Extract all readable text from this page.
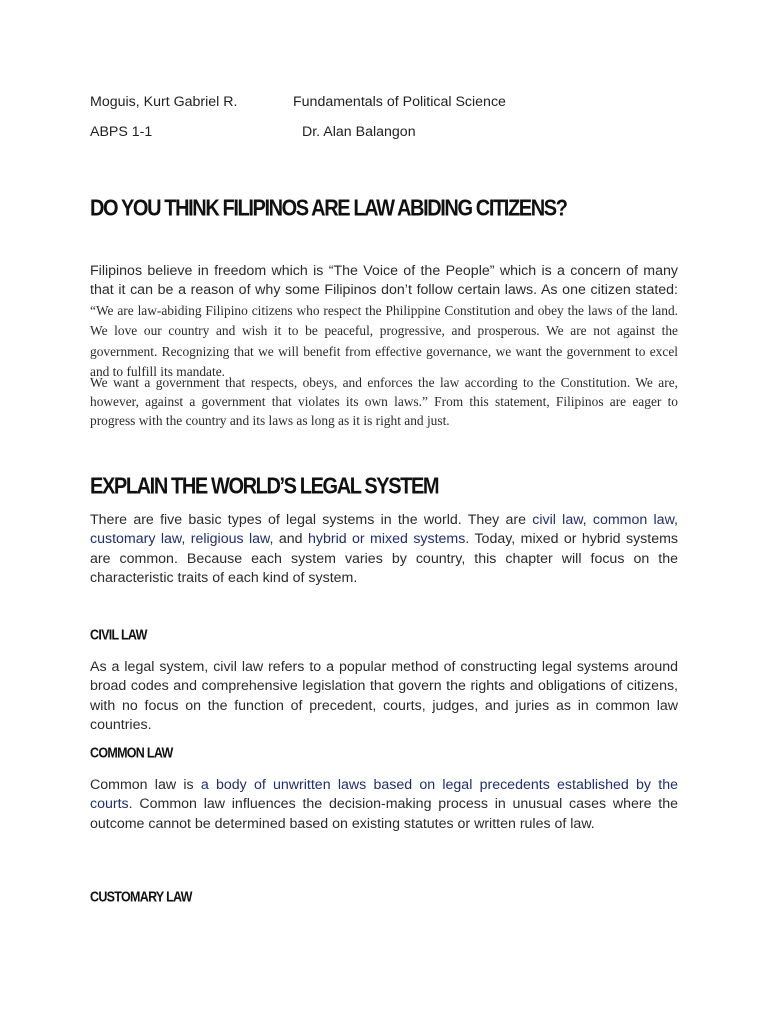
Moguis, Kurt Gabriel R.	Fundamentals of Political Science
ABPS 1-1	Dr. Alan Balangon
DO YOU THINK FILIPINOS ARE LAW ABIDING CITIZENS?

Filipinos believe in freedom which is “The Voice of the People” which is a concern of many that it can be a reason of why some Filipinos don’t follow certain laws. As one citizen stated: “We are law-abiding Filipino citizens who respect the Philippine Constitution and obey the laws of the land. We love our country and wish it to be peaceful, progressive, and prosperous. We are not against the government. Recognizing that we will benefit from effective governance, we want the government to excel and to fulfill its mandate.

We want a government that respects, obeys, and enforces the law according to the Constitution. We are, however, against a government that violates its own laws.” From this statement, Filipinos are eager to progress with the country and its laws as long as it is right and just.

EXPLAIN THE WORLD’S LEGAL SYSTEM

There are five basic types of legal systems in the world. They are civil law, common law, customary law, religious law, and hybrid or mixed systems. Today, mixed or hybrid systems are common. Because each system varies by country, this chapter will focus on the characteristic traits of each kind of system.

CIVIL LAW

As a legal system, civil law refers to a popular method of constructing legal systems around broad codes and comprehensive legislation that govern the rights and obligations of citizens, with no focus on the function of precedent, courts, judges, and juries as in common law countries.

COMMON LAW

Common law is a body of unwritten laws based on legal precedents established by the courts. Common law influences the decision-making process in unusual cases where the outcome cannot be determined based on existing statutes or written rules of law.

CUSTOMARY LAW
